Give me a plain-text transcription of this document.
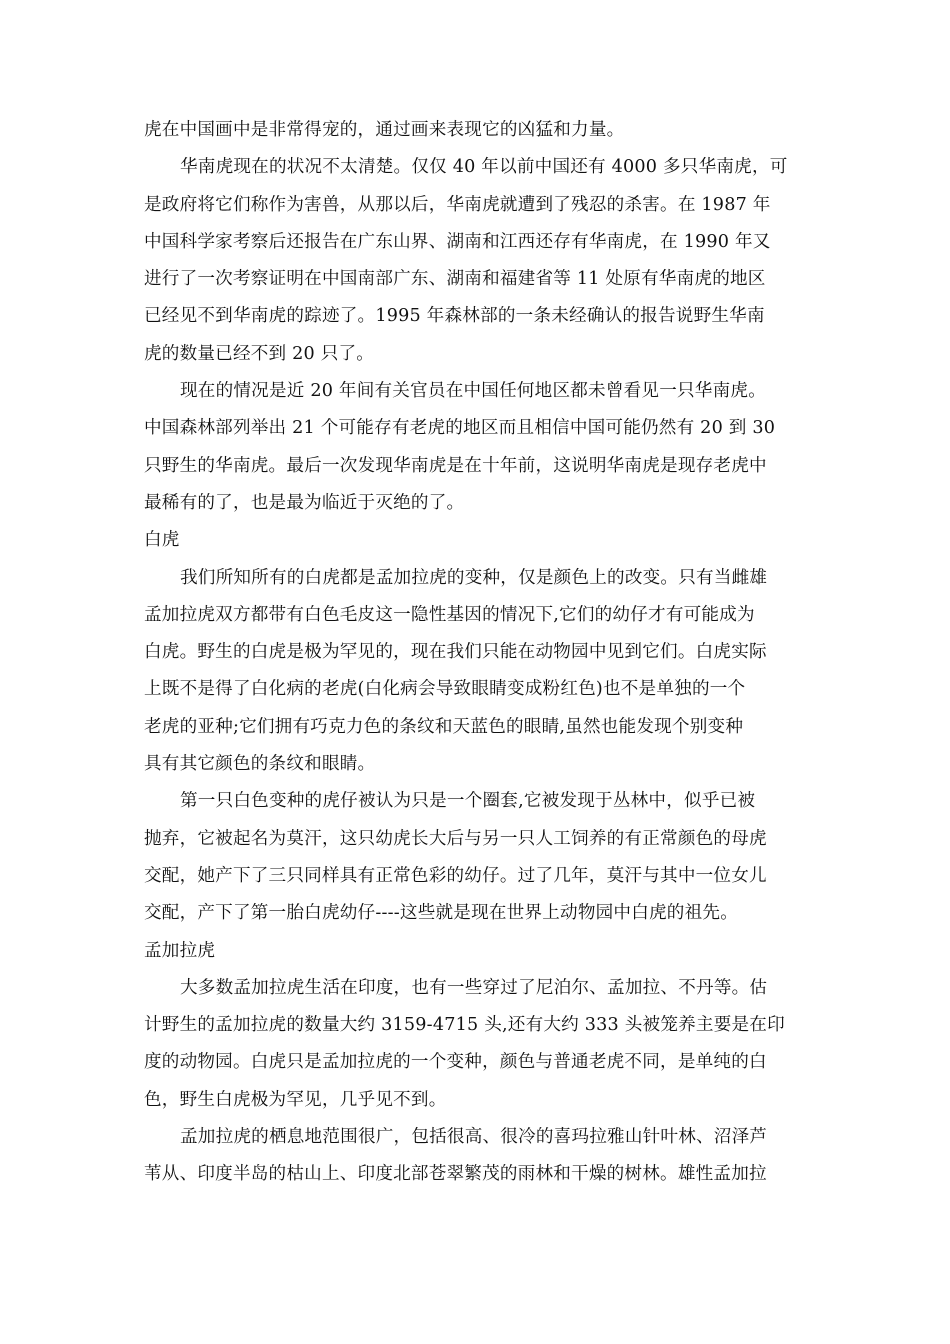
虎在中国画中是非常得宠的，通过画来表现它的凶猛和力量。

华南虎现在的状况不太清楚。仅仅 40 年以前中国还有 4000 多只华南虎，可
是政府将它们称作为害兽，从那以后，华南虎就遭到了残忍的杀害。在 1987 年
中国科学家考察后还报告在广东山界、湖南和江西还存有华南虎，在 1990 年又
进行了一次考察证明在中国南部广东、湖南和福建省等 11 处原有华南虎的地区
已经见不到华南虎的踪迹了。1995 年森林部的一条未经确认的报告说野生华南
虎的数量已经不到 20 只了。

现在的情况是近 20 年间有关官员在中国任何地区都未曾看见一只华南虎。
中国森林部列举出 21 个可能存有老虎的地区而且相信中国可能仍然有 20 到 30
只野生的华南虎。最后一次发现华南虎是在十年前，这说明华南虎是现存老虎中
最稀有的了，也是最为临近于灭绝的了。

白虎

我们所知所有的白虎都是孟加拉虎的变种，仅是颜色上的改变。只有当雌雄
孟加拉虎双方都带有白色毛皮这一隐性基因的情况下,它们的幼仔才有可能成为
白虎。野生的白虎是极为罕见的，现在我们只能在动物园中见到它们。白虎实际
上既不是得了白化病的老虎(白化病会导致眼睛变成粉红色)也不是单独的一个
老虎的亚种;它们拥有巧克力色的条纹和天蓝色的眼睛,虽然也能发现个别变种
具有其它颜色的条纹和眼睛。

第一只白色变种的虎仔被认为只是一个圈套,它被发现于丛林中，似乎已被
抛弃，它被起名为莫汗，这只幼虎长大后与另一只人工饲养的有正常颜色的母虎
交配，她产下了三只同样具有正常色彩的幼仔。过了几年，莫汗与其中一位女儿
交配，产下了第一胎白虎幼仔----这些就是现在世界上动物园中白虎的祖先。

孟加拉虎

大多数孟加拉虎生活在印度，也有一些穿过了尼泊尔、孟加拉、不丹等。估
计野生的孟加拉虎的数量大约 3159-4715 头,还有大约 333 头被笼养主要是在印
度的动物园。白虎只是孟加拉虎的一个变种，颜色与普通老虎不同，是单纯的白
色，野生白虎极为罕见，几乎见不到。

孟加拉虎的栖息地范围很广，包括很高、很冷的喜玛拉雅山针叶林、沼泽芦
苇从、印度半岛的枯山上、印度北部苍翠繁茂的雨林和干燥的树林。雄性孟加拉
